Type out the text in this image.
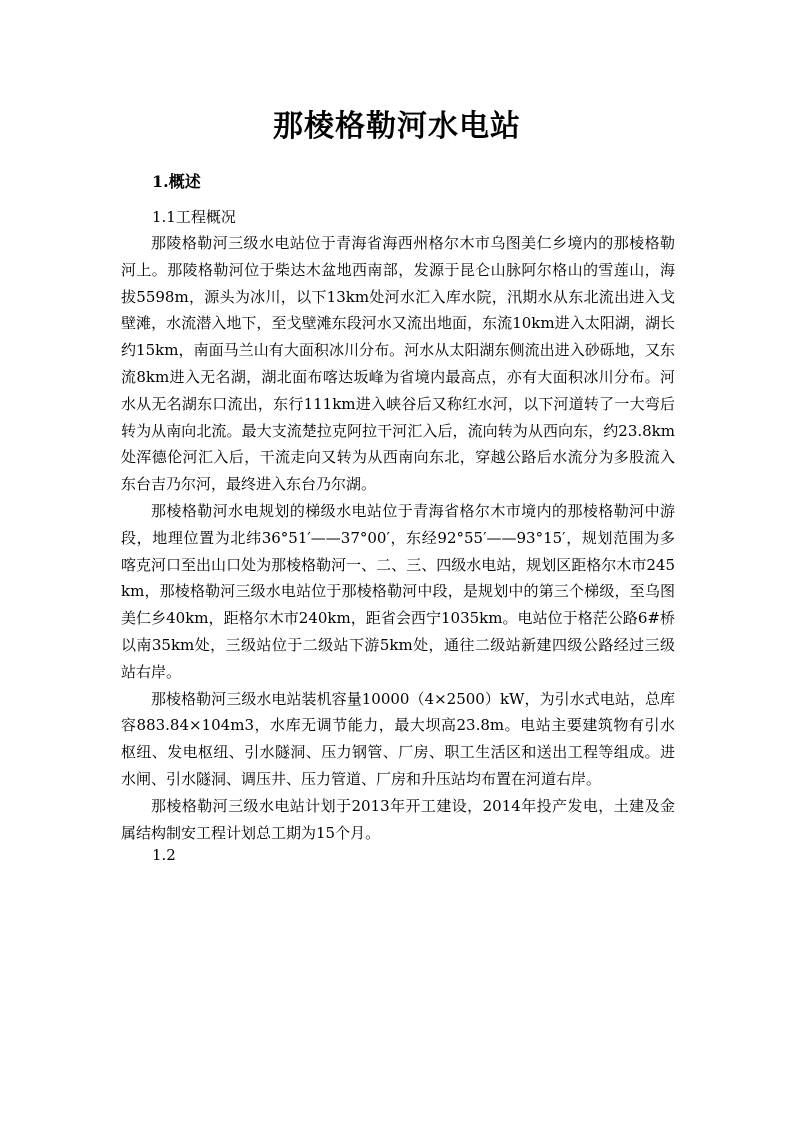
那棱格勒河水电站
1.概述
1.1工程概况

那陵格勒河三级水电站位于青海省海西州格尔木市乌图美仁乡境内的那棱格勒河上。那陵格勒河位于柴达木盆地西南部，发源于昆仑山脉阿尔格山的雪莲山，海拔5598m，源头为冰川，以下13km处河水汇入库水院，汛期水从东北流出进入戈壁滩，水流潜入地下，至戈壁滩东段河水又流出地面，东流10km进入太阳湖，湖长约15km，南面马兰山有大面积冰川分布。河水从太阳湖东侧流出进入砂砾地，又东流8km进入无名湖，湖北面布喀达坂峰为省境内最高点，亦有大面积冰川分布。河水从无名湖东口流出，东行111km进入峡谷后又称红水河，以下河道转了一大弯后转为从南向北流。最大支流楚拉克阿拉干河汇入后，流向转为从西向东，约23.8km处浑德伦河汇入后，干流走向又转为从西南向东北，穿越公路后水流分为多股流入东台吉乃尔河，最终进入东台乃尔湖。

那棱格勒河水电规划的梯级水电站位于青海省格尔木市境内的那棱格勒河中游段，地理位置为北纬36°51′——37°00′，东经92°55′——93°15′，规划范围为多喀克河口至出山口处为那棱格勒河一、二、三、四级水电站，规划区距格尔木市245km，那棱格勒河三级水电站位于那棱格勒河中段，是规划中的第三个梯级，至乌图美仁乡40km，距格尔木市240km，距省会西宁1035km。电站位于格茫公路6#桥以南35km处，三级站位于二级站下游5km处，通往二级站新建四级公路经过三级站右岸。

那棱格勒河三级水电站装机容量10000（4×2500）kW，为引水式电站，总库容883.84×104m3，水库无调节能力，最大坝高23.8m。电站主要建筑物有引水枢纽、发电枢纽、引水隧洞、压力钢管、厂房、职工生活区和送出工程等组成。进水闸、引水隧洞、调压井、压力管道、厂房和升压站均布置在河道右岸。

那棱格勒河三级水电站计划于2013年开工建设，2014年投产发电，土建及金属结构制安工程计划总工期为15个月。

1.2
